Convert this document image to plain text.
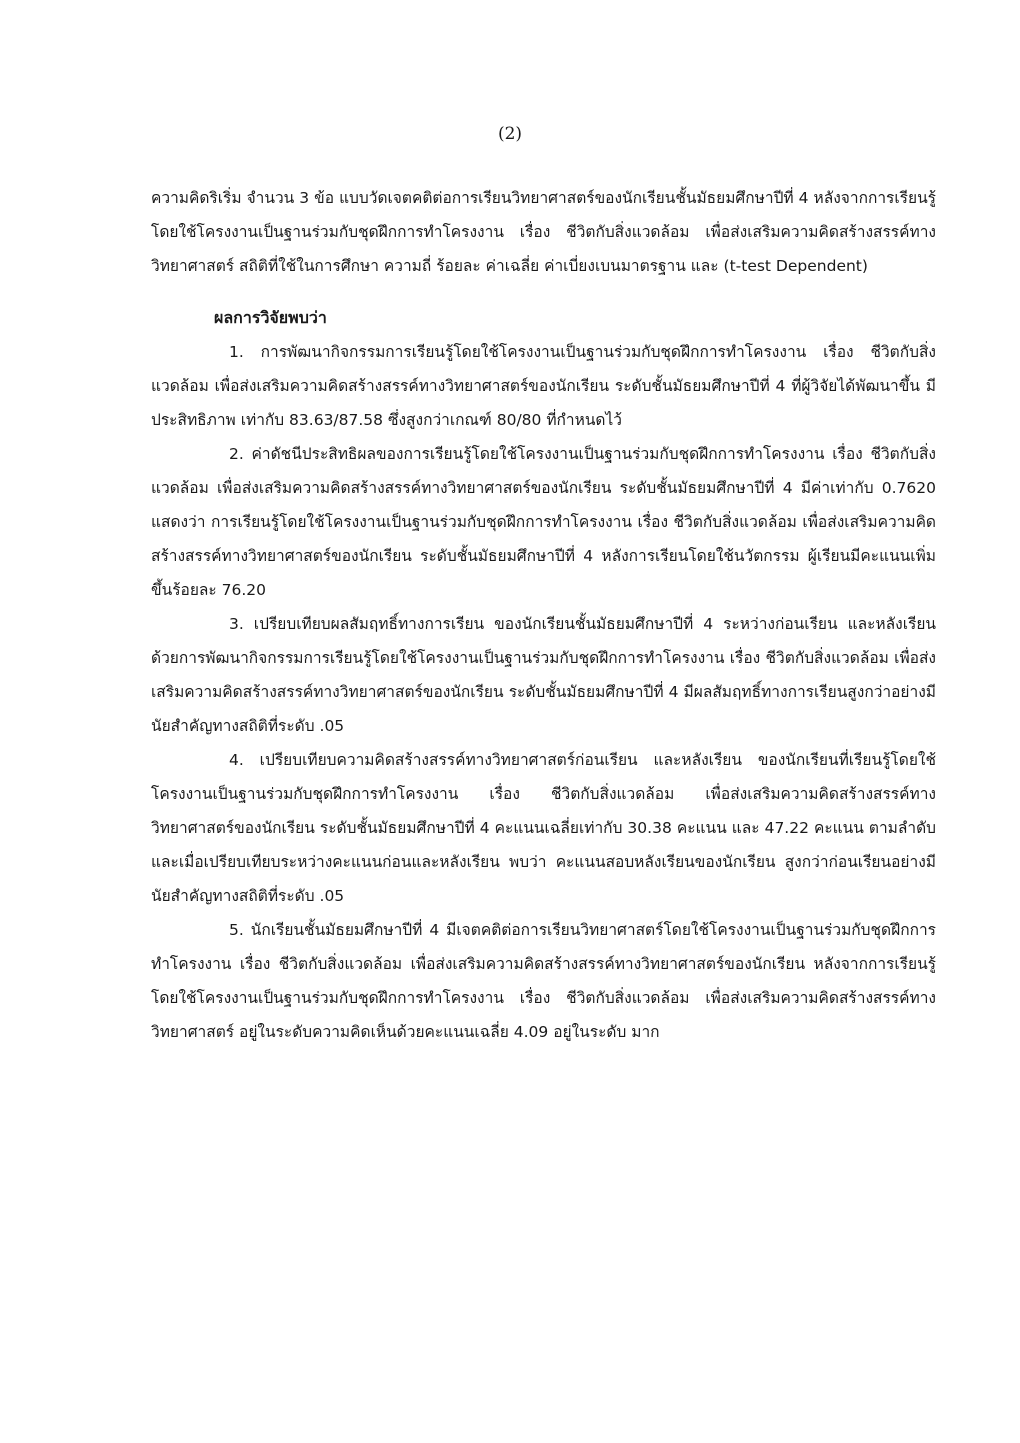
(2)

ความคิดริเริ่ม จำนวน 3 ข้อ แบบวัดเจตคติต่อการเรียนวิทยาศาสตร์ของนักเรียนชั้นมัธยมศึกษาปีที่ 4 หลังจากการเรียนรู้โดยใช้โครงงานเป็นฐานร่วมกับชุดฝึกการทำโครงงาน เรื่อง ชีวิตกับสิ่งแวดล้อม เพื่อส่งเสริมความคิดสร้างสรรค์ทางวิทยาศาสตร์ สถิติที่ใช้ในการศึกษา ความถี่ ร้อยละ ค่าเฉลี่ย ค่าเบี่ยงเบนมาตรฐาน และ (t-test Dependent)

ผลการวิจัยพบว่า

1. การพัฒนากิจกรรมการเรียนรู้โดยใช้โครงงานเป็นฐานร่วมกับชุดฝึกการทำโครงงาน เรื่อง ชีวิตกับสิ่งแวดล้อม เพื่อส่งเสริมความคิดสร้างสรรค์ทางวิทยาศาสตร์ของนักเรียน ระดับชั้นมัธยมศึกษาปีที่ 4 ที่ผู้วิจัยได้พัฒนาขึ้น มีประสิทธิภาพ เท่ากับ 83.63/87.58 ซึ่งสูงกว่าเกณฑ์ 80/80 ที่กำหนดไว้

2. ค่าดัชนีประสิทธิผลของการเรียนรู้โดยใช้โครงงานเป็นฐานร่วมกับชุดฝึกการทำโครงงาน เรื่อง ชีวิตกับสิ่งแวดล้อม เพื่อส่งเสริมความคิดสร้างสรรค์ทางวิทยาศาสตร์ของนักเรียน ระดับชั้นมัธยมศึกษาปีที่ 4 มีค่าเท่ากับ 0.7620 แสดงว่า การเรียนรู้โดยใช้โครงงานเป็นฐานร่วมกับชุดฝึกการทำโครงงาน เรื่อง ชีวิตกับสิ่งแวดล้อม เพื่อส่งเสริมความคิดสร้างสรรค์ทางวิทยาศาสตร์ของนักเรียน ระดับชั้นมัธยมศึกษาปีที่ 4 หลังการเรียนโดยใช้นวัตกรรม ผู้เรียนมีคะแนนเพิ่มขึ้นร้อยละ 76.20

3. เปรียบเทียบผลสัมฤทธิ์ทางการเรียน ของนักเรียนชั้นมัธยมศึกษาปีที่ 4 ระหว่างก่อนเรียน และหลังเรียนด้วยการพัฒนากิจกรรมการเรียนรู้โดยใช้โครงงานเป็นฐานร่วมกับชุดฝึกการทำโครงงาน เรื่อง ชีวิตกับสิ่งแวดล้อม เพื่อส่งเสริมความคิดสร้างสรรค์ทางวิทยาศาสตร์ของนักเรียน ระดับชั้นมัธยมศึกษาปีที่ 4 มีผลสัมฤทธิ์ทางการเรียนสูงกว่าอย่างมีนัยสำคัญทางสถิติที่ระดับ .05

4. เปรียบเทียบความคิดสร้างสรรค์ทางวิทยาศาสตร์ก่อนเรียน และหลังเรียน ของนักเรียนที่เรียนรู้โดยใช้โครงงานเป็นฐานร่วมกับชุดฝึกการทำโครงงาน เรื่อง ชีวิตกับสิ่งแวดล้อม เพื่อส่งเสริมความคิดสร้างสรรค์ทางวิทยาศาสตร์ของนักเรียน ระดับชั้นมัธยมศึกษาปีที่ 4 คะแนนเฉลี่ยเท่ากับ 30.38 คะแนน และ 47.22 คะแนน ตามลำดับ และเมื่อเปรียบเทียบระหว่างคะแนนก่อนและหลังเรียน พบว่า คะแนนสอบหลังเรียนของนักเรียน สูงกว่าก่อนเรียนอย่างมีนัยสำคัญทางสถิติที่ระดับ .05

5. นักเรียนชั้นมัธยมศึกษาปีที่ 4 มีเจตคติต่อการเรียนวิทยาศาสตร์โดยใช้โครงงานเป็นฐานร่วมกับชุดฝึกการทำโครงงาน เรื่อง ชีวิตกับสิ่งแวดล้อม เพื่อส่งเสริมความคิดสร้างสรรค์ทางวิทยาศาสตร์ของนักเรียน หลังจากการเรียนรู้โดยใช้โครงงานเป็นฐานร่วมกับชุดฝึกการทำโครงงาน เรื่อง ชีวิตกับสิ่งแวดล้อม เพื่อส่งเสริมความคิดสร้างสรรค์ทางวิทยาศาสตร์ อยู่ในระดับความคิดเห็นด้วยคะแนนเฉลี่ย 4.09 อยู่ในระดับ มาก
